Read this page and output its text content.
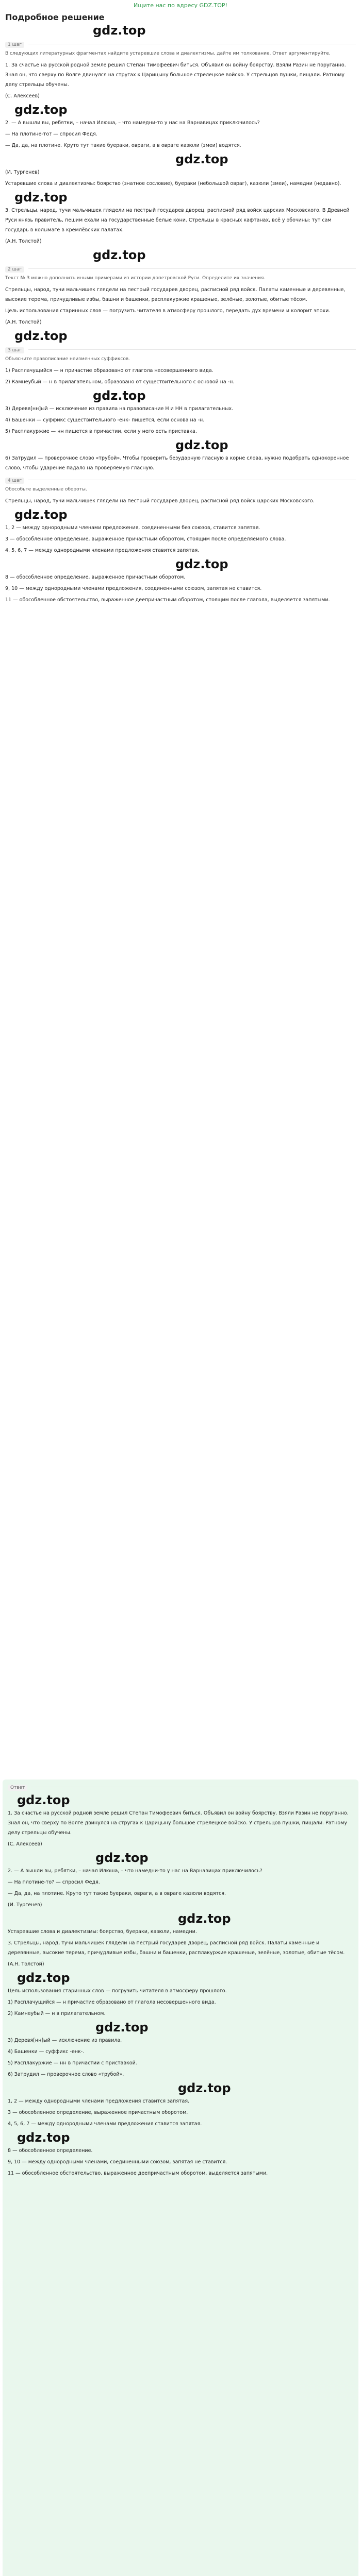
Ищите нас по адресу GDZ.TOP!
Подробное решение
gdz.top
1 шаг

В следующих литературных фрагментах найдите устаревшие слова и диалектизмы, дайте им толкование. Ответ аргументируйте.

1. За счастье на русской родной земле решил Степан Тимофеевич биться. Объявил он войну боярству. Взяли Разин не поруганно. Знал он, что сверху по Волге двинулся на стругах к Царицыну большое стрелецкое войско. У стрельцов пушки, пищали. Ратному делу стрельцы обучены.

(С. Алексеев)

gdz.top

2. — А вышли вы, ребятки, – начал Илюша, – что намедни-то у нас на Варнавицах приключилось?

— На плотине-то? — спросил Федя.

— Да, да, на плотине. Круто тут такие буераки, овраги, а в овраге казюли (змеи) водятся.

gdz.top

(И. Тургенев)

Устаревшие слова и диалектизмы: боярство (знатное сословие), буераки (небольшой овраг), казюли (змеи), намедни (недавно).

gdz.top

3. Стрельцы, народ, тучи мальчишек глядели на пестрый государев дворец, расписной ряд войск царских Московского. В Древней Руси князь правитель, пешим ехали на государственные белые кони. Стрельцы в красных кафтанах, всё у обочины: тут сам государь в колымаге в кремлёвских палатах.

(А.Н. Толстой)

gdz.top
2 шаг

Текст № 3 можно дополнить иными примерами из истории допетровской Руси. Определите их значения.

Стрельцы, народ, тучи мальчишек глядели на пестрый государев дворец, расписной ряд войск. Палаты каменные и деревянные, высокие терема, причудливые избы, башни и башенки, расплакуржие крашеные, зелёные, золотые, обитые тёсом.

Цель использования старинных слов — погрузить читателя в атмосферу прошлого, передать дух времени и колорит эпохи.

(А.Н. Толстой)

gdz.top
3 шаг

Объясните правописание неизменных суффиксов.

1) Расплачущийся — н причастие образовано от глагола несовершенного вида.

2) Камнеубый — н в прилагательном, образовано от существительного с основой на -н.

gdz.top

3) Деревя[нн]ый — исключение из правила на правописание Н и НН в прилагательных.

4) Башенки — суффикс существительного -енк- пишется, если основа на -н.

5) Расплакуржие — нн пишется в причастии, если у него есть приставка.

gdz.top

6) Затрудил — проверочное слово «трубой». Чтобы проверить безударную гласную в корне слова, нужно подобрать однокоренное слово, чтобы ударение падало на проверяемую гласную.

4 шаг

Обособьте выделенные обороты.

Стрельцы, народ, тучи мальчишек глядели на пестрый государев дворец, расписной ряд войск царских Московского.

gdz.top

1, 2 — между однородными членами предложения, соединенными без союзов, ставится запятая.

3 — обособленное определение, выраженное причастным оборотом, стоящим после определяемого слова.

4, 5, 6, 7 — между однородными членами предложения ставится запятая.

gdz.top

8 — обособленное определение, выраженное причастным оборотом.

9, 10 — между однородными членами предложения, соединенными союзом, запятая не ставится.

11 — обособленное обстоятельство, выраженное деепричастным оборотом, стоящим после глагола, выделяется запятыми.

Ответ
gdz.top

1. За счастье на русской родной земле решил Степан Тимофеевич биться. Объявил он войну боярству. Взяли Разин не поруганно. Знал он, что сверху по Волге двинулся на стругах к Царицыну большое стрелецкое войско. У стрельцов пушки, пищали. Ратному делу стрельцы обучены.

(С. Алексеев)

gdz.top

2. — А вышли вы, ребятки, – начал Илюша, – что намедни-то у нас на Варнавицах приключилось?

— На плотине-то? — спросил Федя.

— Да, да, на плотине. Круто тут такие буераки, овраги, а в овраге казюли водятся.

(И. Тургенев)

gdz.top

Устаревшие слова и диалектизмы: боярство, буераки, казюли, намедни.

3. Стрельцы, народ, тучи мальчишек глядели на пестрый государев дворец, расписной ряд войск. Палаты каменные и деревянные, высокие терема, причудливые избы, башни и башенки, расплакуржие крашеные, зелёные, золотые, обитые тёсом.

(А.Н. Толстой)

gdz.top

Цель использования старинных слов — погрузить читателя в атмосферу прошлого.

1) Расплачущийся — н причастие образовано от глагола несовершенного вида.

2) Камнеубый — н в прилагательном.

gdz.top

3) Деревя[нн]ый — исключение из правила.

4) Башенки — суффикс -енк-.

5) Расплакуржие — нн в причастии с приставкой.

6) Затрудил — проверочное слово «трубой».

gdz.top

1, 2 — между однородными членами предложения ставится запятая.

3 — обособленное определение, выраженное причастным оборотом.

4, 5, 6, 7 — между однородными членами предложения ставится запятая.

gdz.top

8 — обособленное определение.

9, 10 — между однородными членами, соединенными союзом, запятая не ставится.

11 — обособленное обстоятельство, выраженное деепричастным оборотом, выделяется запятыми.
